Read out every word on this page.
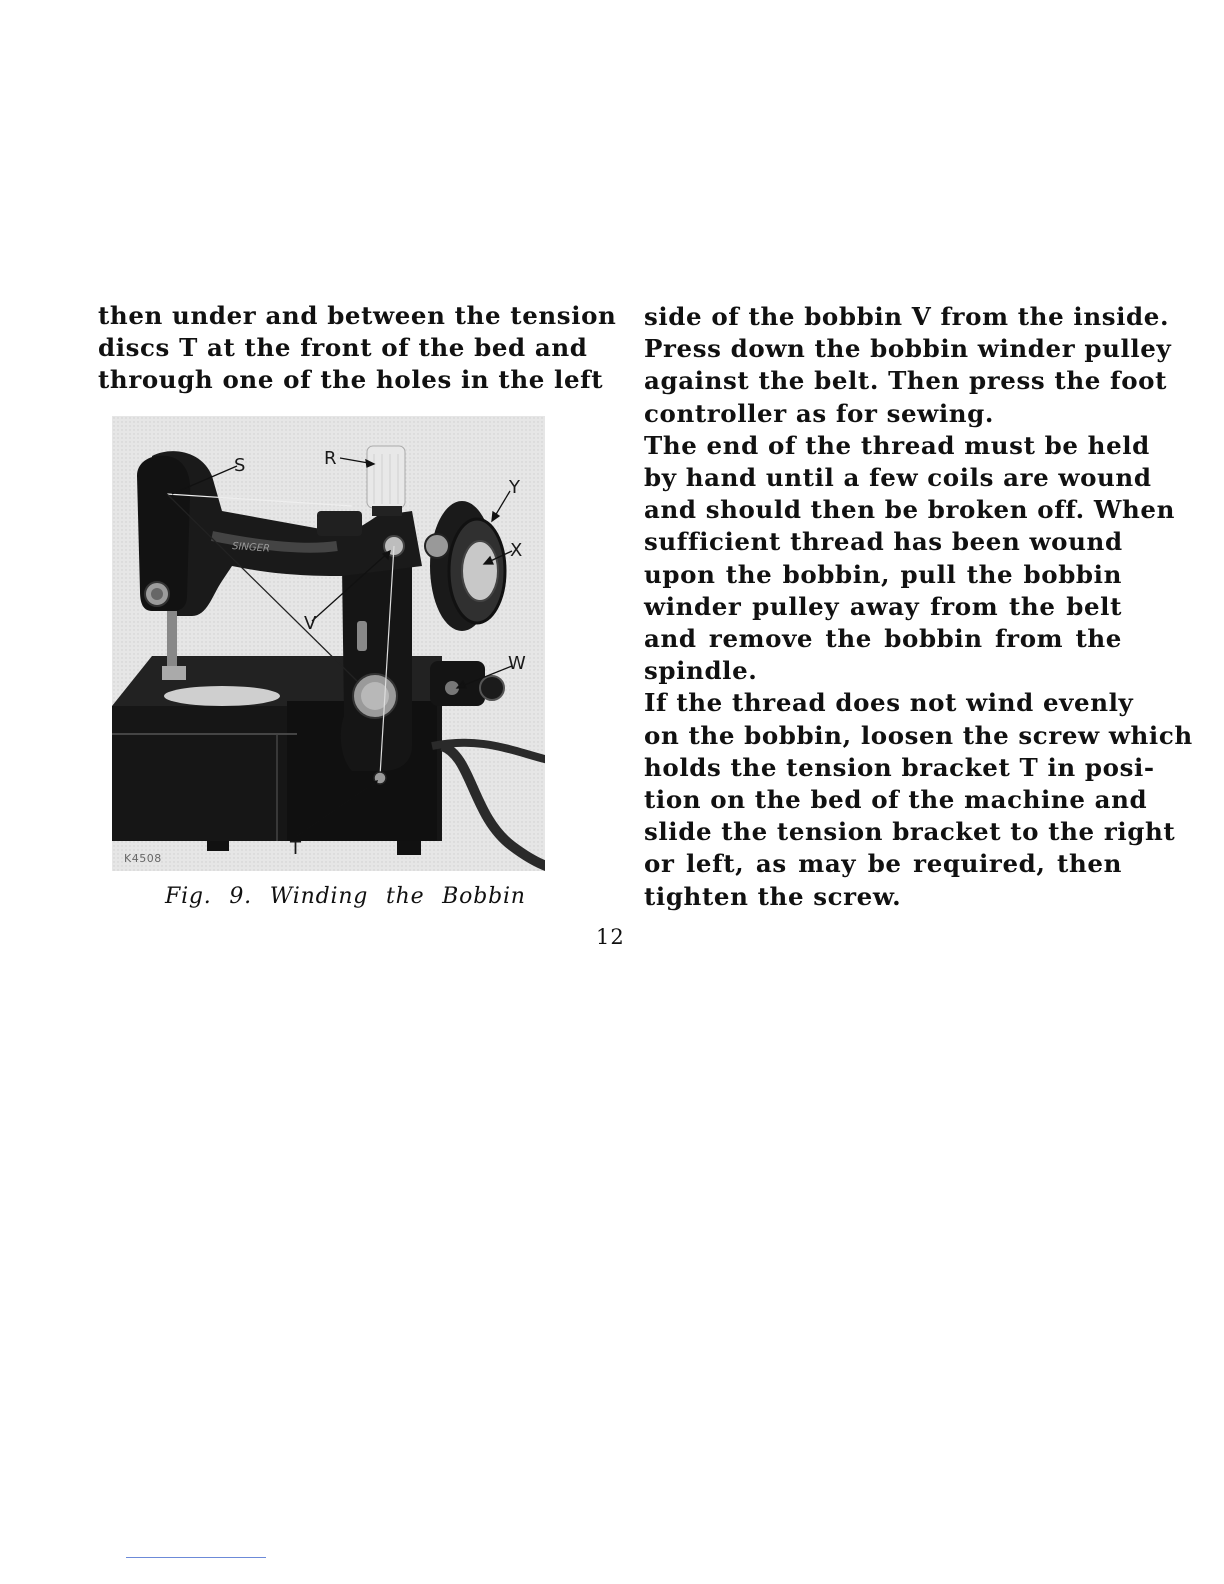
then under and between the tension
discs T at the front of the bed and
through one of the holes in the left

SINGER
S	R
Y
X
V
W
T
K4508
Fig. 9. Winding the Bobbin

side of the bobbin V from the inside.
Press down the bobbin winder pulley
against the belt. Then press the foot
controller as for sewing.

The end of the thread must be held
by hand until a few coils are wound
and should then be broken off. When
sufficient thread has been wound
upon the bobbin, pull the bobbin
winder pulley away from the belt
and remove the bobbin from the
spindle.

If the thread does not wind evenly
on the bobbin, loosen the screw which
holds the tension bracket T in posi-
tion on the bed of the machine and
slide the tension bracket to the right
or left, as may be required, then
tighten the screw.

12
